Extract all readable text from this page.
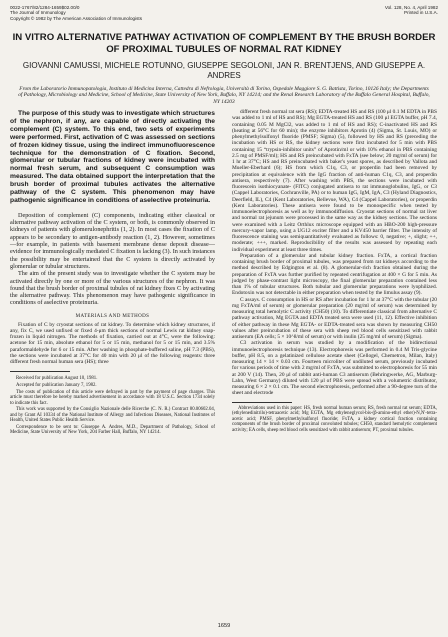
0022-1767/82/1284-1659$02.00/0
The Journal of Immunology
Copyright © 1982 by The American Association of Immunologists
Vol. 128, No. 4, April 1982
Printed in U.S.A.
IN VITRO ALTERNATIVE PATHWAY ACTIVATION OF COMPLEMENT BY THE BRUSH BORDER OF PROXIMAL TUBULES OF NORMAL RAT KIDNEY
GIOVANNI CAMUSSI, MICHELE ROTUNNO, GIUSEPPE SEGOLONI, JAN R. BRENTJENS, AND GIUSEPPE A. ANDRES
From the Laboratorio Immunopatologia, Instituto di Medicina Interna, Cattedra di Nefrologia, Università di Torino, Ospedale Maggiore S. G. Battista, Torino, 10126 Italy; the Departments of Pathology, Microbiology and Medicine, School of Medicine, State University of New York, Buffalo, NY 14214; and the Renal Research Laboratory of the Buffalo General Hospital, Buffalo, NY 14203

The purpose of this study was to investigate which structures of the nephron, if any, are capable of directly activating the complement (C) system. To this end, two sets of experiments were performed. First, activation of C was assessed on sections of frozen kidney tissue, using the indirect immunofluorescence technique for the demonstration of C fixation. Second, glomerular or tubular fractions of kidney were incubated with normal fresh serum, and subsequent C consumption was measured. The data obtained support the interpretation that the brush border of proximal tubules activates the alternative pathway of the C system. This phenomenon may have pathogenic significance in conditions of aselective proteinuria.

Deposition of complement (C) components, indicating either classical or alternative pathway activation of the C system, or both, is commonly observed in kidneys of patients with glomerulonephritis (1, 2). In most cases the fixation of C appears to be secondary to antigen-antibody reaction (1, 2). However, sometimes—for example, in patients with basement membrane dense deposit disease—evidence for immunologically mediated C fixation is lacking (3). In such instances the possibility may be entertained that the C system is directly activated by glomerular or tubular structures.

The aim of the present study was to investigate whether the C system may be activated directly by one or more of the various structures of the nephron. It was found that the brush border of proximal tubules of rat kidney fixes C by activating the alternative pathway. This phenomenon may have pathogenic significance in conditions of aselective proteinuria.

MATERIALS AND METHODS

Fixation of C by cryostat sections of rat kidney. To determine which kidney structures, if any, fix C, we used unfixed or fixed 4-μm thick sections of normal Lewis rat kidney snap-frozen in liquid nitrogen. The methods of fixation, carried out at 4°C, were the following: acetone for 15 min, absolute ethanol for 5 or 15 min, methanol for 5 or 15 min, and 3.5% paraformaldehyde for 6 or 15 min. After washing in phosphate-buffered saline, pH 7.3 (PBS), the sections were incubated at 37°C for 40 min with 20 μl of the following reagents: three different fresh normal human sera (HS); three

Received for publication August 10, 1981.

Accepted for publication January 7, 1982.

The costs of publication of this article were defrayed in part by the payment of page charges. This article must therefore be hereby marked advertisement in accordance with 18 U.S.C. Section 1734 solely to indicate this fact.

This work was supported by the Consiglio Nazionale delle Ricerche (C. N. R.) Contract 80.00602.04, and by Grant AI 10334 of the National Institute of Allergy and Infectious Diseases, National Institutes of Health, United States Public Health Service.

Correspondence to be sent to: Giuseppe A. Andres, M.D., Department of Pathology, School of Medicine, State University of New York, 204 Farber Hall, Buffalo, NY 14214.

different fresh normal rat sera (RS); EDTA-treated HS and RS (100 μl 0.1 M EDTA in PBS was added to 1 ml of HS and RS); Mg EGTA-treated HS and RS (100 μl EGTA buffer, pH 7.4, containing 0.05 M MgCl2, was added to 1 ml of HS and RS); C-inactivated HS and RS (heating at 56°C for 60 min); the enzyme inhibitors Aprotin (4) (Sigma, St. Louis, MO) or phenylmethylsulfonyl fluoride (PMSF; Sigma) (5), followed by HS and RS (preceding the incubation with HS or RS, the kidney sections were first incubated for 5 min with PBS containing 15 “trypsin-inhibitor units” of Aprotin/ml or with 10% ethanol in PBS containing 2.5 mg of PMSF/ml); HS and RS preincubated with FxTA (see below; 20 mg/ml of serum) for 1 hr at 37°C; HS and RS preincubated with baker's yeast spores, as described by Vallota and Mueller-Eberhard (6); HS from which C1q, C3, or properdin had been removed by precipitation at equivalence with the IgG fraction of anti-human C1q, C3, and properdin antisera, respectively (7). After washing with PBS, the sections were incubated with fluorescein isothiocyanate- (FITC) conjugated antisera to rat immunoglobulins, IgG, or C3 (Cappel Laboratories, Cochranville, PA) or to human IgG, IgM, IgA, C3 (Hyland Diagnostics, Deerfield, IL), C4 (Kent Laboratories, Bellevue, WA), C4 (Cappel Laboratories), or properdin (Kent Laboratories). These antisera were found to be monospecific when tested by immunoelectrophoresis as well as by immunodiffusion. Cryostat sections of normal rat liver and normal rat jejunum were processed in the same way as the kidney sections. The sections were examined with a Leitz Orthlux microscope equipped with an HBO-200 high-pressure mercury-vapor lamp, using a UG12 exciter filter and a KV450 barrier filter. The intensity of fluorescence staining was semiquantitatively evaluated as follows: 0, negative; +, slight; ++, moderate; +++, marked. Reproducibility of the results was assessed by repeating each individual experiment at least three times.

Preparation of a glomerular and tubular kidney fraction. FxTA, a cortical fraction containing brush border of proximal tubules, was prepared from rat kidneys according to the method described by Edgington et al. (8). A glomerular-rich fraction obtained during the preparation of FxTA was further purified by repeated centrifugation at 400 × G for 5 min. As judged by phase-contrast light microscopy, the final glomerular preparation contained less than 1% of tubular structures. Both tubular and glomerular preparations were lyophilized. Endotoxin was not detectable in either preparation when tested by the limulus assay (9).

C assays. C consumption in HS or RS after incubation for 1 hr at 37°C with the tubular (20 mg FxTA/ml of serum) or glomerular preparation (20 mg/ml of serum) was determined by measuring total hemolytic C activity (CH50) (10). To differentiate classical from alternative C pathway activation, Mg EGTA and EDTA treated sera were used (11, 12). Effective inhibition of either pathway in these Mg EGTA- or EDTA-treated sera was shown by measuring CH50 values after preincubation of these sera with sheep red blood cells sensitized with rabbit antiserum (EA cells; 5 × 10^8/ml of serum) or with inulin (25 mg/ml of serum) (Sigma).

C3 activation in serum was studied by a modification of the bidirectional immunoelectrophoresis technique (13). Electrophoresis was performed in 0.4 M Tris-glycine buffer, pH 8.5, on a gelatinized cellulose acetate sheet (Cellogel, Chemetron, Milan, Italy) measuring 14 × 14 × 0.03 cm. Fourteen microliter of undiluted serum, previously incubated for various periods of time with 2 mg/ml of FxTA, was submitted to electrophoresis for 55 min at 200 V (14). Then, 20 μl of rabbit anti-human C3 antiserum (Behringwerke, AG, Marburg-Lahn, West Germany) diluted with 120 μl of PBS were spread with a volumetric distributor, measuring 6 × 2 × 0.1 cm. The second electrophoresis, performed after a 90-degree turn of the sheet and electrode

Abbreviations used in this paper: HS, fresh normal human serum; RS, fresh normal rat serum; EDTA, (ethylenedinitrilo)-tetraacetic acid; Mg EGTA, Mg ethyleneglycol-bis-(β-amino-ethyl ether)-N,N'-tetra-acetic acid; PMSF, phenylmethylsulfonyl fluoride; FxTA, a kidney cortical fraction containing components of the brush border of proximal convoluted tubules; CH50, standard hemolytic complement activity; EA cells, sheep red blood cells sensitized with rabbit antiserum; PT, proximal tubules.

1659
